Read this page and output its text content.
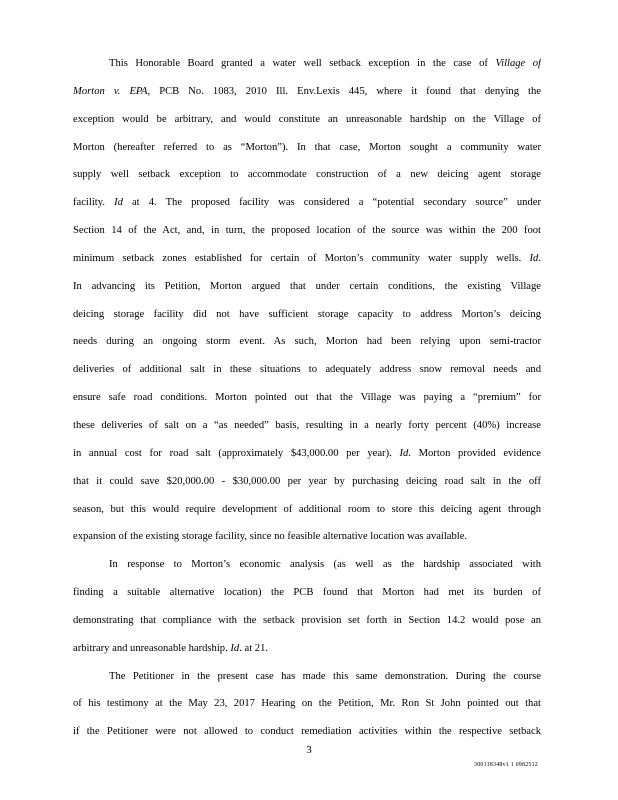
This Honorable Board granted a water well setback exception in the case of Village of
Morton v. EPA, PCB No. 1083, 2010 Ill. Env.Lexis 445, where it found that denying the
exception would be arbitrary, and would constitute an unreasonable hardship on the Village of
Morton (hereafter referred to as “Morton”). In that case, Morton sought a community water
supply well setback exception to accommodate construction of a new deicing agent storage
facility. Id at 4. The proposed facility was considered a “potential secondary source” under
Section 14 of the Act, and, in turn, the proposed location of the source was within the 200 foot
minimum setback zones established for certain of Morton’s community water supply wells. Id.
In advancing its Petition, Morton argued that under certain conditions, the existing Village
deicing storage facility did not have sufficient storage capacity to address Morton’s deicing
needs during an ongoing storm event. As such, Morton had been relying upon semi-tractor
deliveries of additional salt in these situations to adequately address snow removal needs and
ensure safe road conditions. Morton pointed out that the Village was paying a “premium” for
these deliveries of salt on a “as needed” basis, resulting in a nearly forty percent (40%) increase
in annual cost for road salt (approximately $43,000.00 per year). Id. Morton provided evidence
that it could save $20,000.00 - $30,000.00 per year by purchasing deicing road salt in the off
season, but this would require development of additional room to store this deicing agent through
expansion of the existing storage facility, since no feasible alternative location was available.
In response to Morton’s economic analysis (as well as the hardship associated with
finding a suitable alternative location) the PCB found that Morton had met its burden of
demonstrating that compliance with the setback provision set forth in Section 14.2 would pose an
arbitrary and unreasonable hardship. Id. at 21.
The Petitioner in the present case has made this same demonstration. During the course
of his testimony at the May 23, 2017 Hearing on the Petition, Mr. Ron St John pointed out that
if the Petitioner were not allowed to conduct remediation activities within the respective setback
3
300118348v1 1 0982512
